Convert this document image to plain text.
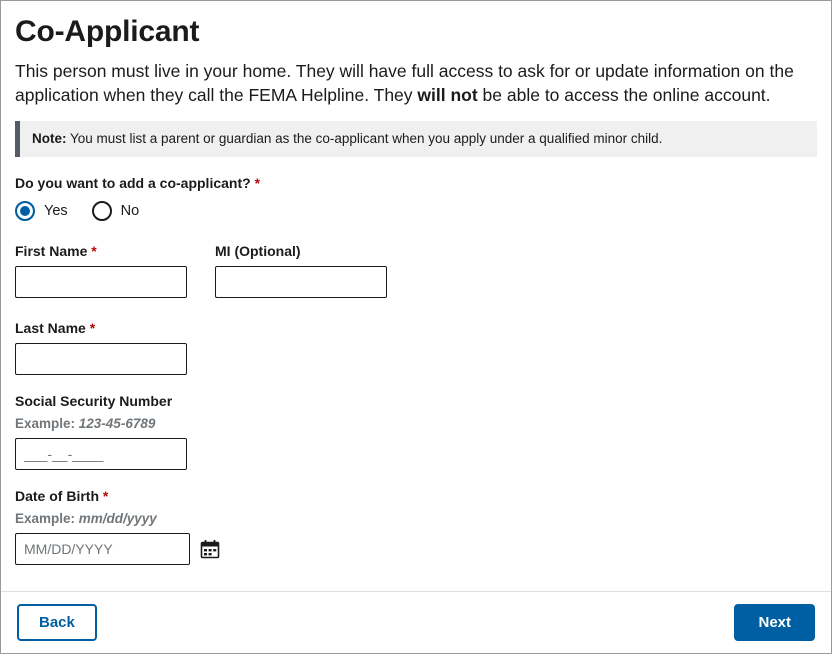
Co-Applicant

This person must live in your home. They will have full access to ask for or update information on the application when they call the FEMA Helpline. They will not be able to access the online account.

Note: You must list a parent or guardian as the co-applicant when you apply under a qualified minor child.
Do you want to add a co-applicant? *
Yes	No
First Name *	MI (Optional)
Last Name *
Social Security Number
Example: 123-45-6789
___-__-____
Date of Birth *
Example: mm/dd/yyyy
MM/DD/YYYY
Back	Next
